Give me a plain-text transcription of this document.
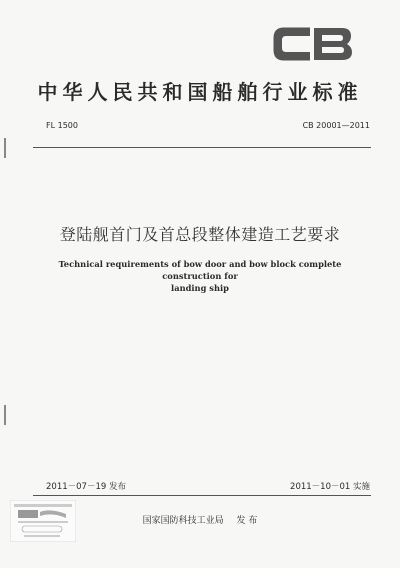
中华人民共和国船舶行业标准
FL 1500	CB 20001—2011
登陆舰首门及首总段整体建造工艺要求
Technical requirements of bow door and bow block complete construction for
landing ship
2011－07－19 发布	2011－10－01 实施
国家国防科技工业局 发 布
